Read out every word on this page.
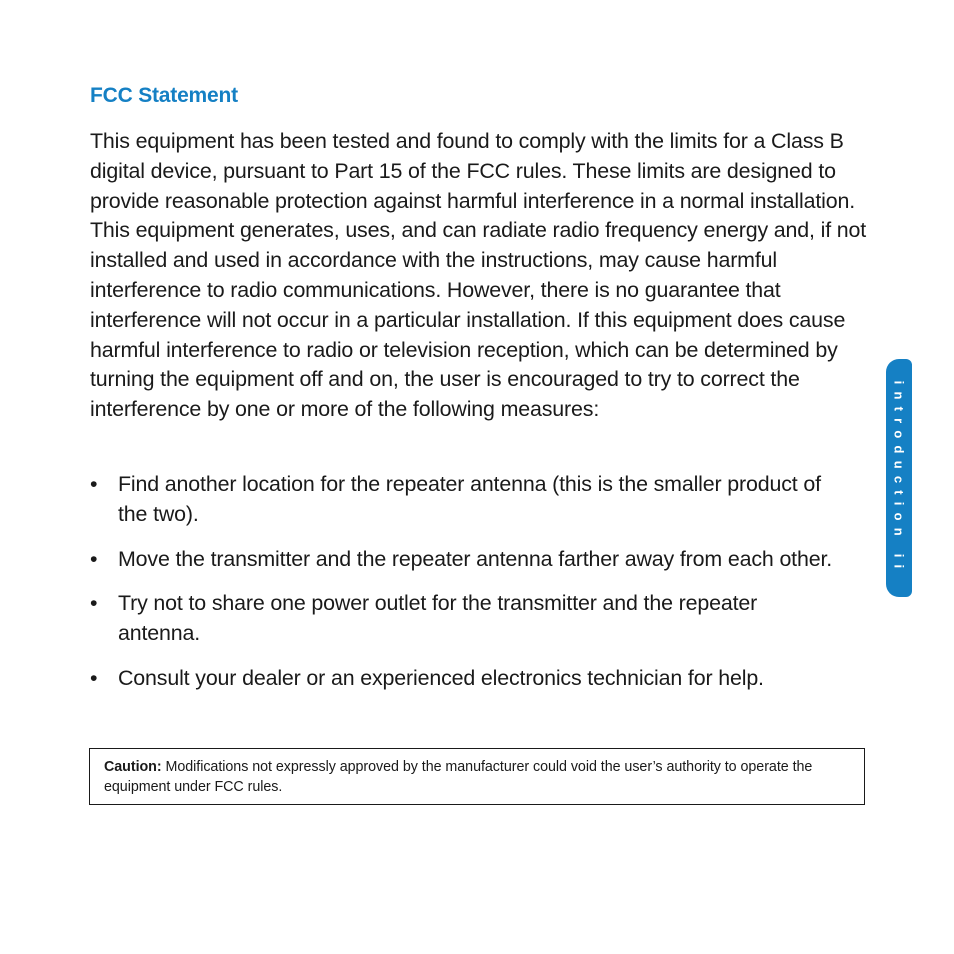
FCC Statement
This equipment has been tested and found to comply with the limits for a Class B digital device, pursuant to Part 15 of the FCC rules. These limits are designed to provide reasonable protection against harmful interference in a normal installation. This equipment generates, uses, and can radiate radio frequency energy and, if not installed and used in accordance with the instructions, may cause harmful interference to radio communications. However, there is no guarantee that interference will not occur in a particular installation. If this equipment does cause harmful interference to radio or television reception, which can be determined by turning the equipment off and on, the user is encouraged to try to correct the interference by one or more of the following measures:
• Find another location for the repeater antenna (this is the smaller product of the two).
• Move the transmitter and the repeater antenna farther away from each other.
• Try not to share one power outlet for the transmitter and the repeater antenna.
• Consult your dealer or an experienced electronics technician for help.
Caution: Modifications not expressly approved by the manufacturer could void the user’s authority to operate the equipment under FCC rules.
introduction ii
